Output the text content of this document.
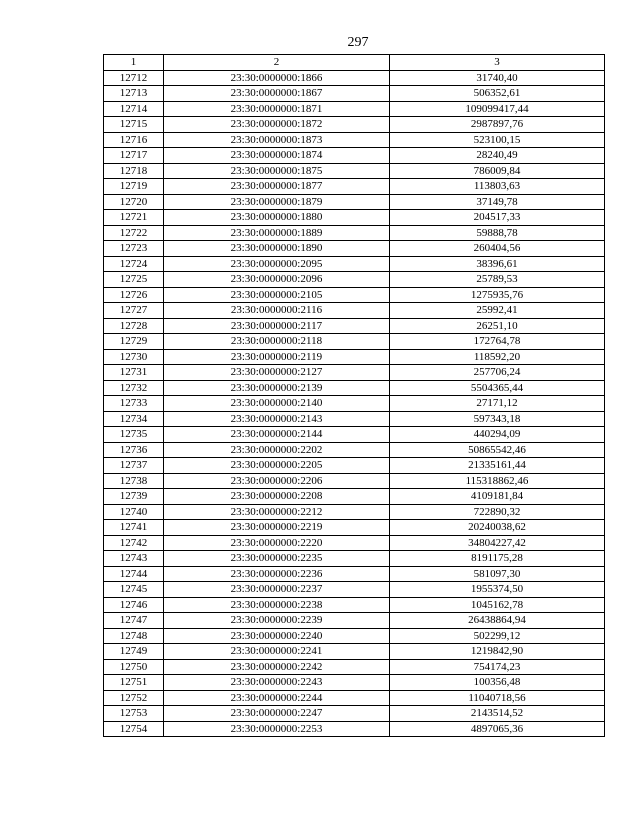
297
1	2	3
12712	23:30:0000000:1866	31740,40
12713	23:30:0000000:1867	506352,61
12714	23:30:0000000:1871	109099417,44
12715	23:30:0000000:1872	2987897,76
12716	23:30:0000000:1873	523100,15
12717	23:30:0000000:1874	28240,49
12718	23:30:0000000:1875	786009,84
12719	23:30:0000000:1877	113803,63
12720	23:30:0000000:1879	37149,78
12721	23:30:0000000:1880	204517,33
12722	23:30:0000000:1889	59888,78
12723	23:30:0000000:1890	260404,56
12724	23:30:0000000:2095	38396,61
12725	23:30:0000000:2096	25789,53
12726	23:30:0000000:2105	1275935,76
12727	23:30:0000000:2116	25992,41
12728	23:30:0000000:2117	26251,10
12729	23:30:0000000:2118	172764,78
12730	23:30:0000000:2119	118592,20
12731	23:30:0000000:2127	257706,24
12732	23:30:0000000:2139	5504365,44
12733	23:30:0000000:2140	27171,12
12734	23:30:0000000:2143	597343,18
12735	23:30:0000000:2144	440294,09
12736	23:30:0000000:2202	50865542,46
12737	23:30:0000000:2205	21335161,44
12738	23:30:0000000:2206	115318862,46
12739	23:30:0000000:2208	4109181,84
12740	23:30:0000000:2212	722890,32
12741	23:30:0000000:2219	20240038,62
12742	23:30:0000000:2220	34804227,42
12743	23:30:0000000:2235	8191175,28
12744	23:30:0000000:2236	581097,30
12745	23:30:0000000:2237	1955374,50
12746	23:30:0000000:2238	1045162,78
12747	23:30:0000000:2239	26438864,94
12748	23:30:0000000:2240	502299,12
12749	23:30:0000000:2241	1219842,90
12750	23:30:0000000:2242	754174,23
12751	23:30:0000000:2243	100356,48
12752	23:30:0000000:2244	11040718,56
12753	23:30:0000000:2247	2143514,52
12754	23:30:0000000:2253	4897065,36
